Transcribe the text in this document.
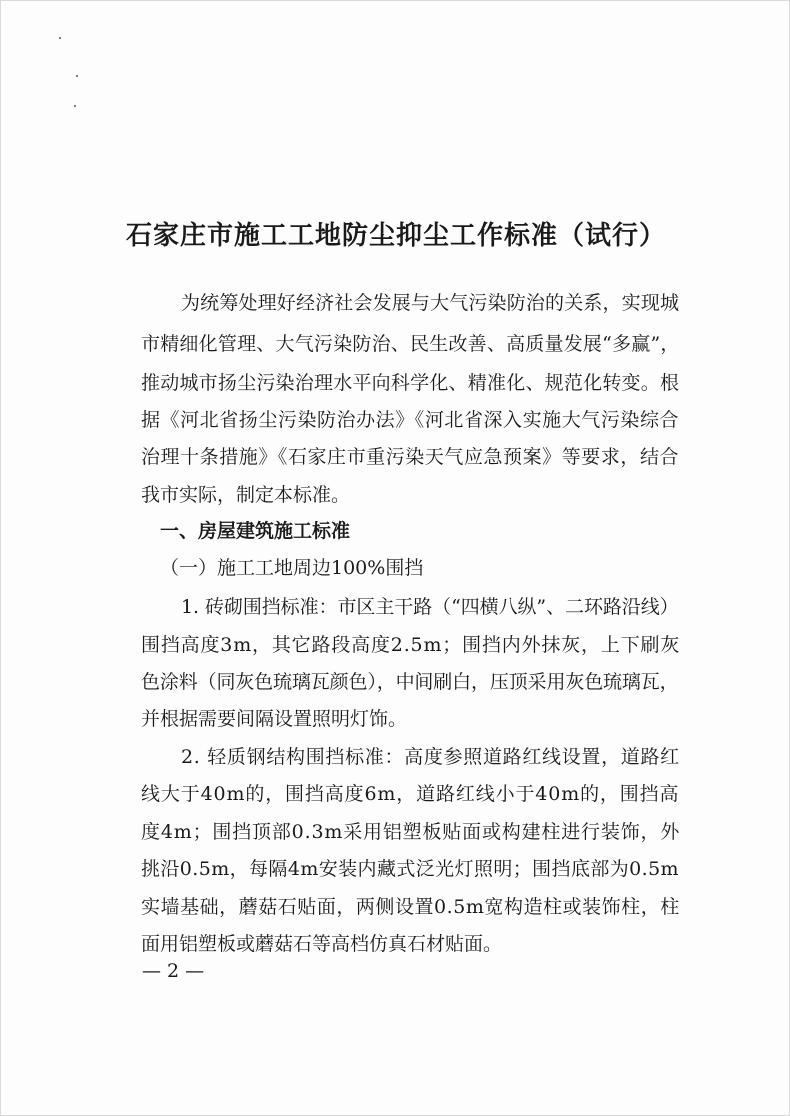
石家庄市施工工地防尘抑尘工作标准（试行）
为统筹处理好经济社会发展与大气污染防治的关系，实现城
市精细化管理、大气污染防治、民生改善、高质量发展“多赢”，
推动城市扬尘污染治理水平向科学化、精准化、规范化转变。根
据《河北省扬尘污染防治办法》《河北省深入实施大气污染综合
治理十条措施》《石家庄市重污染天气应急预案》等要求，结合
我市实际，制定本标准。
一、房屋建筑施工标准
（一）施工工地周边100%围挡
1. 砖砌围挡标准：市区主干路（“四横八纵”、二环路沿线）
围挡高度3m，其它路段高度2.5m；围挡内外抹灰，上下刷灰
色涂料（同灰色琉璃瓦颜色），中间刷白，压顶采用灰色琉璃瓦，
并根据需要间隔设置照明灯饰。
2. 轻质钢结构围挡标准：高度参照道路红线设置，道路红
线大于40m的，围挡高度6m，道路红线小于40m的，围挡高
度4m；围挡顶部0.3m采用铝塑板贴面或构建柱进行装饰，外
挑沿0.5m，每隔4m安装内藏式泛光灯照明；围挡底部为0.5m
实墙基础，蘑菇石贴面，两侧设置0.5m宽构造柱或装饰柱，柱
面用铝塑板或蘑菇石等高档仿真石材贴面。
— 2 —
